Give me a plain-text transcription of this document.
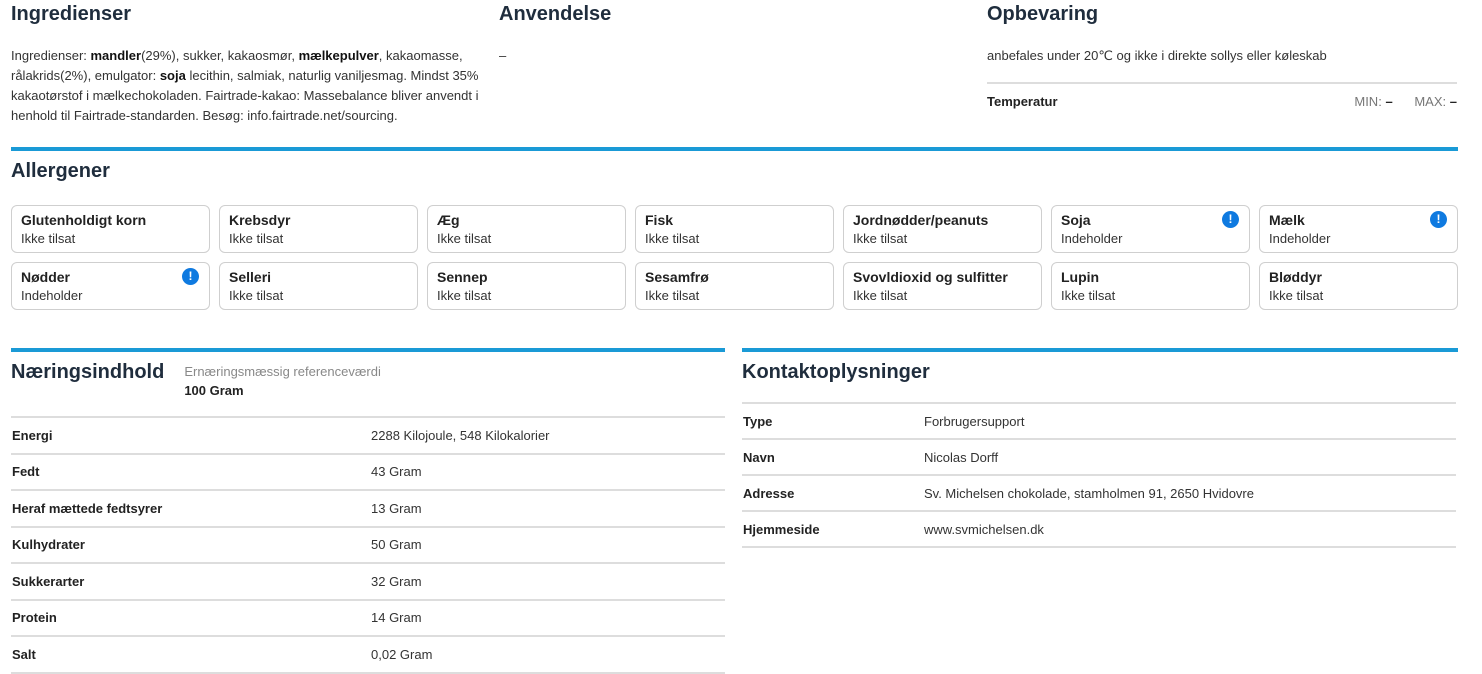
Ingredienser
Ingredienser: mandler(29%), sukker, kakaosmør, mælkepulver, kakaomasse, rålakrids(2%), emulgator: soja lecithin, salmiak, naturlig vaniljesmag. Mindst 35% kakaotørstof i mælkechokoladen. Fairtrade-kakao: Massebalance bliver anvendt i henhold til Fairtrade-standarden. Besøg: info.fairtrade.net/sourcing.
Anvendelse
–
Opbevaring
anbefales under 20℃ og ikke i direkte sollys eller køleskab
Temperatur	MIN: – MAX: –
Allergener
Glutenholdigt korn
Ikke tilsat
Krebsdyr
Ikke tilsat
Æg
Ikke tilsat
Fisk
Ikke tilsat
Jordnødder/peanuts
Ikke tilsat
Soja
Indeholder
!	Mælk
Indeholder
!
Nødder
Indeholder
!	Selleri
Ikke tilsat
Sennep
Ikke tilsat
Sesamfrø
Ikke tilsat
Svovldioxid og sulfitter
Ikke tilsat
Lupin
Ikke tilsat
Bløddyr
Ikke tilsat
Næringsindhold Ernæringsmæssig referenceværdi
100 Gram
Energi	2288 Kilojoule, 548 Kilokalorier
Fedt	43 Gram
Heraf mættede fedtsyrer	13 Gram
Kulhydrater	50 Gram
Sukkerarter	32 Gram
Protein	14 Gram
Salt	0,02 Gram
Kontaktoplysninger
Type	Forbrugersupport
Navn	Nicolas Dorff
Adresse	Sv. Michelsen chokolade, stamholmen 91, 2650 Hvidovre
Hjemmeside	www.svmichelsen.dk
